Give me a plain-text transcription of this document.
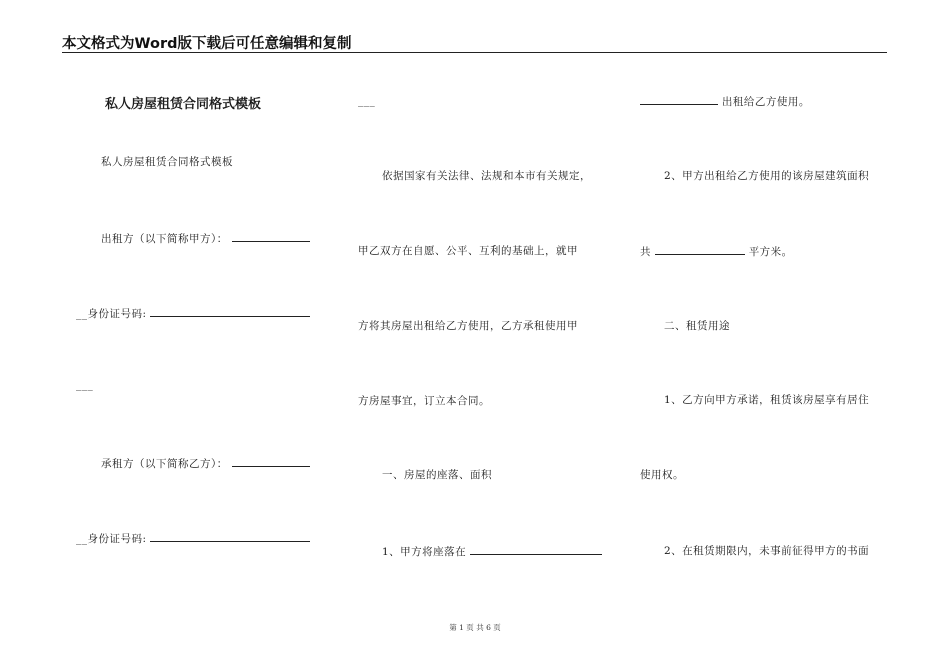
本文格式为Word版下载后可任意编辑和复制
私人房屋租赁合同格式模板
私人房屋租赁合同格式模板
出租方（以下简称甲方）：
__身份证号码:
___
承租方（以下简称乙方）：
__身份证号码:
___
依据国家有关法律、法规和本市有关规定，
甲乙双方在自愿、公平、互利的基础上，就甲
方将其房屋出租给乙方使用，乙方承租使用甲
方房屋事宜，订立本合同。
一、房屋的座落、面积
1、甲方将座落在
出租给乙方使用。
2、甲方出租给乙方使用的该房屋建筑面积
共	平方米。
二、租赁用途
1、乙方向甲方承诺，租赁该房屋享有居住
使用权。
2、在租赁期限内，未事前征得甲方的书面
第 1 页 共 6 页
